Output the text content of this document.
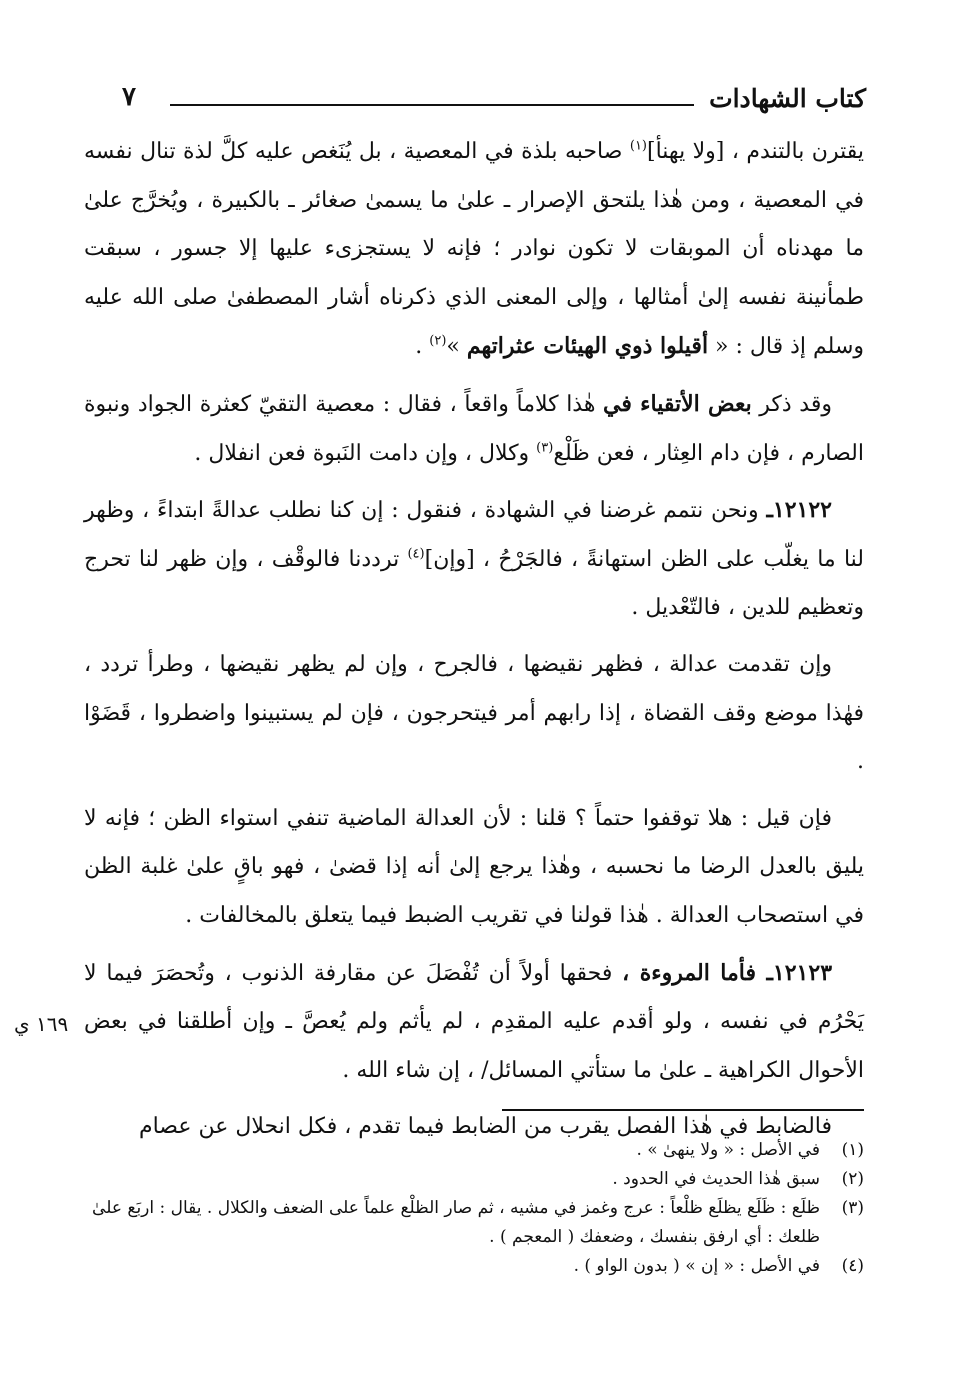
كتاب الشهادات
٧

يقترن بالتندم ، [ولا يهنأ]$^{(١)}$ صاحبه بلذة في المعصية ، بل يُنَغص عليه كلَّ لذة تنال نفسه في المعصية ، ومن هٰذا يلتحق الإصرار ـ علىٰ ما يسمىٰ صغائر ـ بالكبيرة ، ويُخرَّج علىٰ ما مهدناه أن الموبقات لا تكون نوادر ؛ فإنه لا يستجزىء عليها إلا جسور ، سبقت طمأنينة نفسه إلىٰ أمثالها ، وإلى المعنى الذي ذكرناه أشار المصطفىٰ صلى الله عليه وسلم إذ قال : « أقيلوا ذوي الهيئات عثراتهم »$^{(٢)}$ .

وقد ذكر بعض الأتقياء في هٰذا كلاماً واقعاً ، فقال : معصية التقيّ كعثرة الجواد ونبوة الصارم ، فإن دام العِثار ، فعن ظَلْع$^{(٣)}$ وكلال ، وإن دامت النَبوة فعن انفلال .

١٢١٢٢ـ ونحن نتمم غرضنا في الشهادة ، فنقول : إن كنا نطلب عدالةً ابتداءً ، وظهر لنا ما يغلّب على الظن استهانةً ، فالجَرْحُ ، [وإن]$^{(٤)}$ ترددنا فالوقْف ، وإن ظهر لنا تحرج وتعظيم للدين ، فالتّعْديل .

وإن تقدمت عدالة ، فظهر نقيضها ، فالجرح ، وإن لم يظهر نقيضها ، وطرأ تردد ، فهٰذا موضع وقف القضاة ، إذا رابهم أمر فيتحرجون ، فإن لم يستبينوا واضطروا ، قَضَوْا .

فإن قيل : هلا توقفوا حتماً ؟ قلنا : لأن العدالة الماضية تنفي استواء الظن ؛ فإنه لا يليق بالعدل الرضا ما نحسبه ، وهٰذا يرجع إلىٰ أنه إذا قضىٰ ، فهو باقٍ علىٰ غلبة الظن في استصحاب العدالة . هٰذا قولنا في تقريب الضبط فيما يتعلق بالمخالفات .

١٢١٢٣ـ فأما المروءة ، فحقها أولاً أن تُفْصَلَ عن مقارفة الذنوب ، وتُحصَرَ فيما لا يَحْرُم في نفسه ، ولو أقدم عليه المقدِم ، لم يأثم ولم يُعصَّ ـ وإن أطلقنا في بعض الأحوال الكراهية ـ علىٰ ما ستأتي المسائل/ ، إن شاء الله .

فالضابط في هٰذا الفصل يقرب من الضابط فيما تقدم ، فكل انحلال عن عصام

١٦٩ ي
(١)
في الأصل : « ولا ينهىٰ » .
(٢)
سبق هٰذا الحديث في الحدود .
(٣)
ظلَع : ظَلَع يظلَع ظلْعاً : عرج وغمز في مشيه ، ثم صار الظلْع علماً على الضعف والكلال . يقال : اربَع علىٰ ظلعك : أي ارفق بنفسك ، وضعفك ( المعجم ) .
(٤)
في الأصل : « إن » ( بدون الواو ) .
